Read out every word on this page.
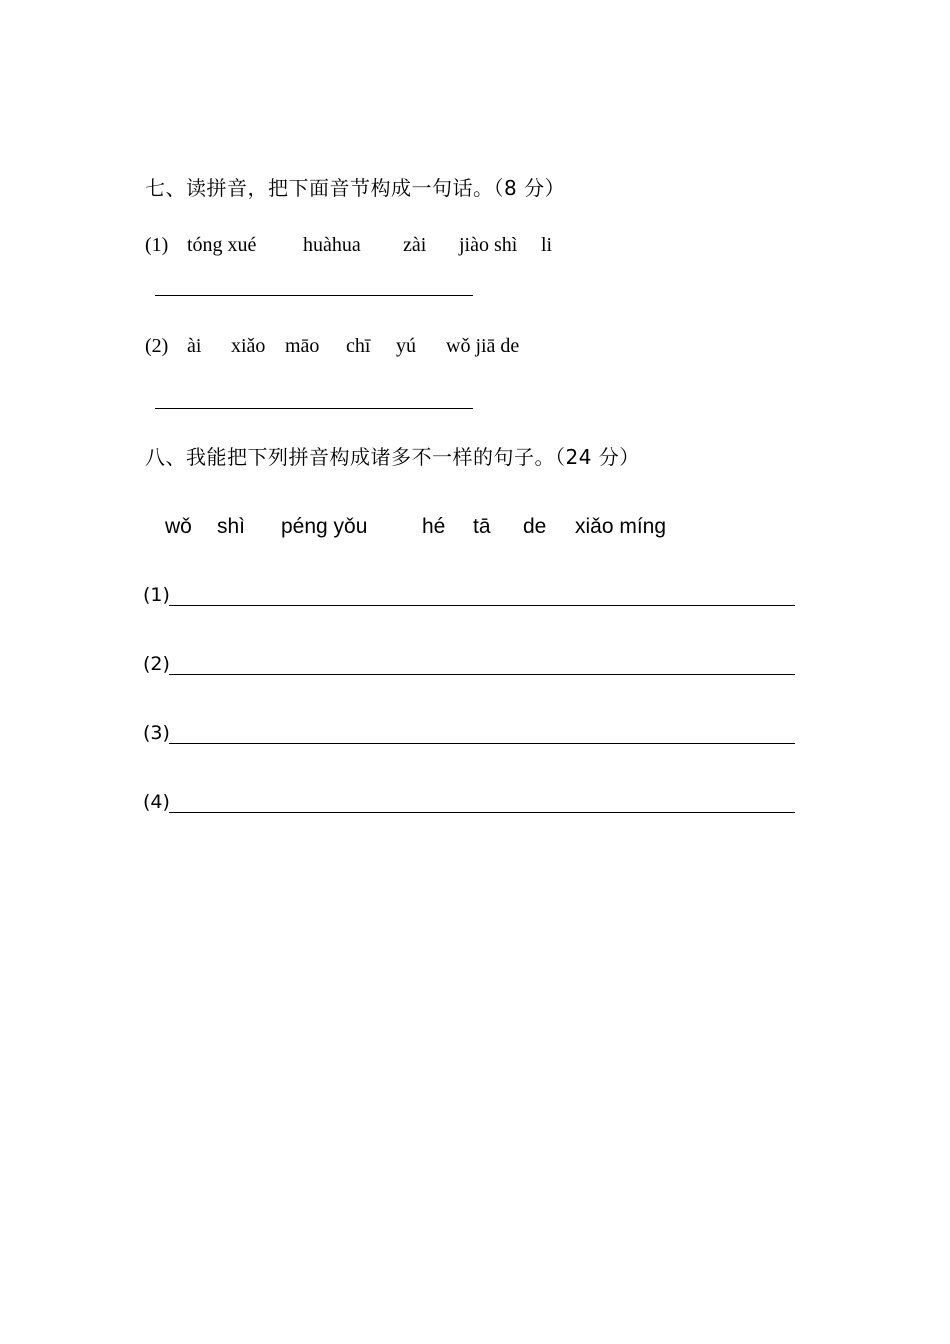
七、读拼音，把下面音节构成一句话。（8 分）
(1) tóng xué huàhua zài jiào shì li
(2) ài xiǎo māo chī yú wǒ jiā de
八、我能把下列拼音构成诸多不一样的句子。（24 分）
wǒ shì péng yǒu	hé tā de xiǎo míng
(1)
(2)
(3)
(4)
